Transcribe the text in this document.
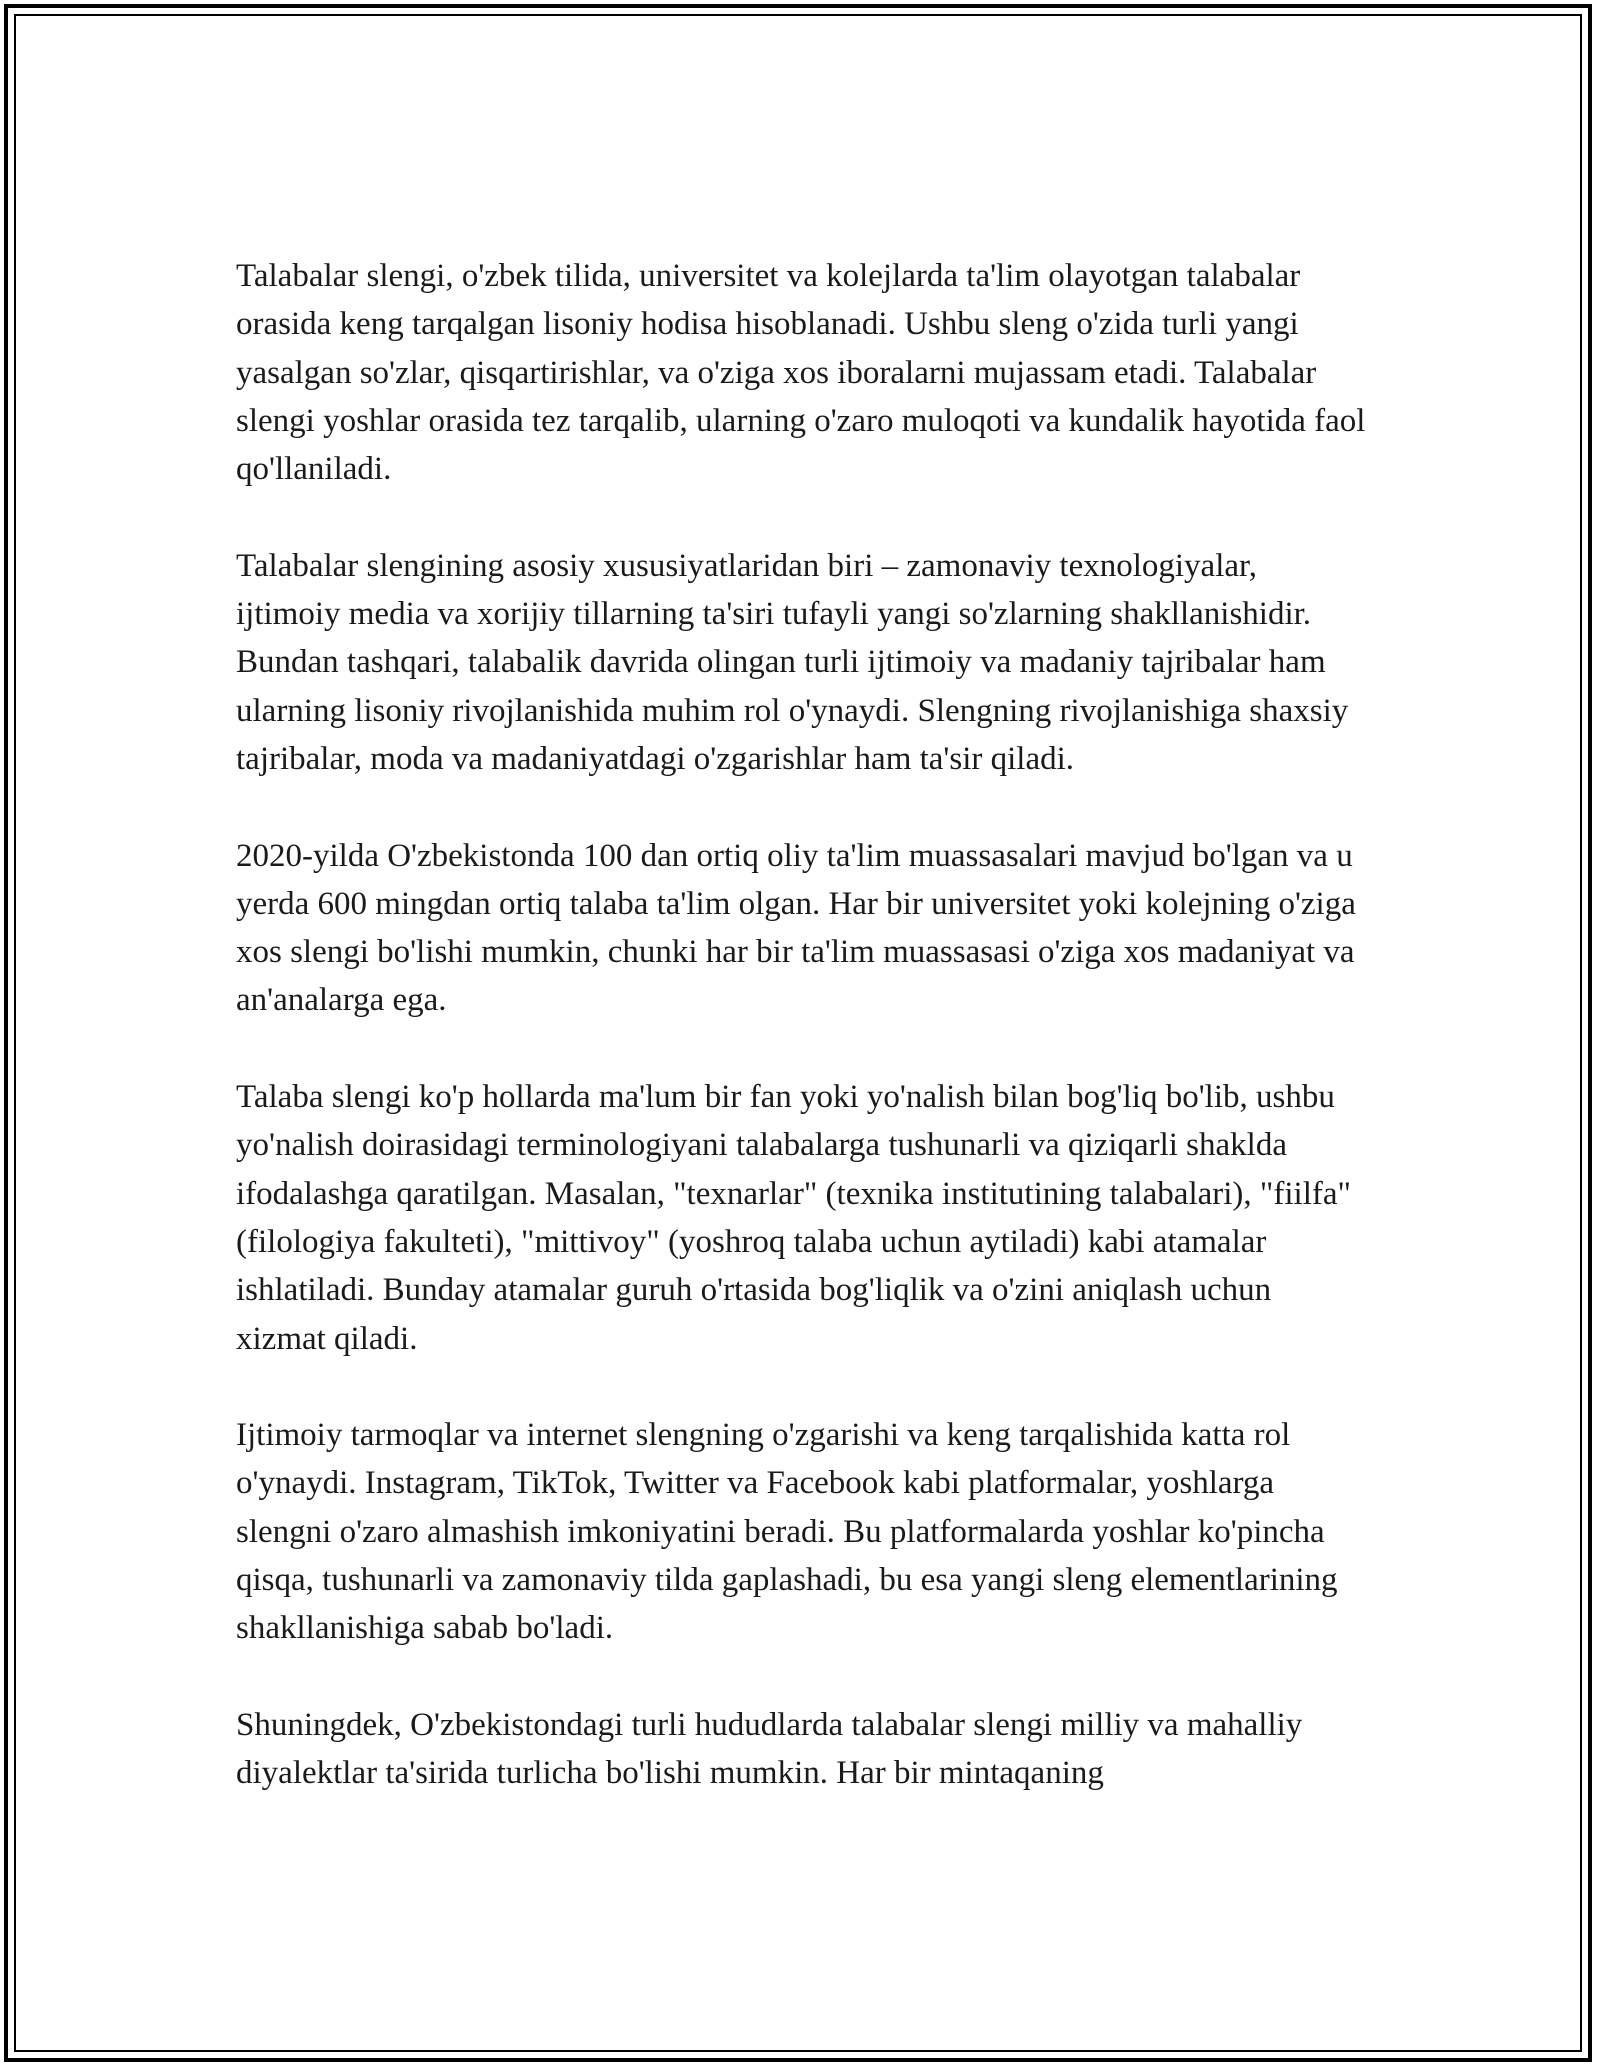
Talabalar slengi, o'zbek tilida, universitet va kolejlarda ta'lim olayotgan talabalar orasida keng tarqalgan lisoniy hodisa hisoblanadi. Ushbu sleng o'zida turli yangi yasalgan so'zlar, qisqartirishlar, va o'ziga xos iboralarni mujassam etadi. Talabalar slengi yoshlar orasida tez tarqalib, ularning o'zaro muloqoti va kundalik hayotida faol qo'llaniladi.

Talabalar slengining asosiy xususiyatlaridan biri – zamonaviy texnologiyalar, ijtimoiy media va xorijiy tillarning ta'siri tufayli yangi so'zlarning shakllanishidir. Bundan tashqari, talabalik davrida olingan turli ijtimoiy va madaniy tajribalar ham ularning lisoniy rivojlanishida muhim rol o'ynaydi. Slengning rivojlanishiga shaxsiy tajribalar, moda va madaniyatdagi o'zgarishlar ham ta'sir qiladi.

2020-yilda O'zbekistonda 100 dan ortiq oliy ta'lim muassasalari mavjud bo'lgan va u yerda 600 mingdan ortiq talaba ta'lim olgan. Har bir universitet yoki kolejning o'ziga xos slengi bo'lishi mumkin, chunki har bir ta'lim muassasasi o'ziga xos madaniyat va an'analarga ega.

Talaba slengi ko'p hollarda ma'lum bir fan yoki yo'nalish bilan bog'liq bo'lib, ushbu yo'nalish doirasidagi terminologiyani talabalarga tushunarli va qiziqarli shaklda ifodalashga qaratilgan. Masalan, "texnarlar" (texnika institutining talabalari), "fiilfa" (filologiya fakulteti), "mittivoy" (yoshroq talaba uchun aytiladi) kabi atamalar ishlatiladi. Bunday atamalar guruh o'rtasida bog'liqlik va o'zini aniqlash uchun xizmat qiladi.

Ijtimoiy tarmoqlar va internet slengning o'zgarishi va keng tarqalishida katta rol o'ynaydi. Instagram, TikTok, Twitter va Facebook kabi platformalar, yoshlarga slengni o'zaro almashish imkoniyatini beradi. Bu platformalarda yoshlar ko'pincha qisqa, tushunarli va zamonaviy tilda gaplashadi, bu esa yangi sleng elementlarining shakllanishiga sabab bo'ladi.

Shuningdek, O'zbekistondagi turli hududlarda talabalar slengi milliy va mahalliy diyalektlar ta'sirida turlicha bo'lishi mumkin. Har bir mintaqaning
